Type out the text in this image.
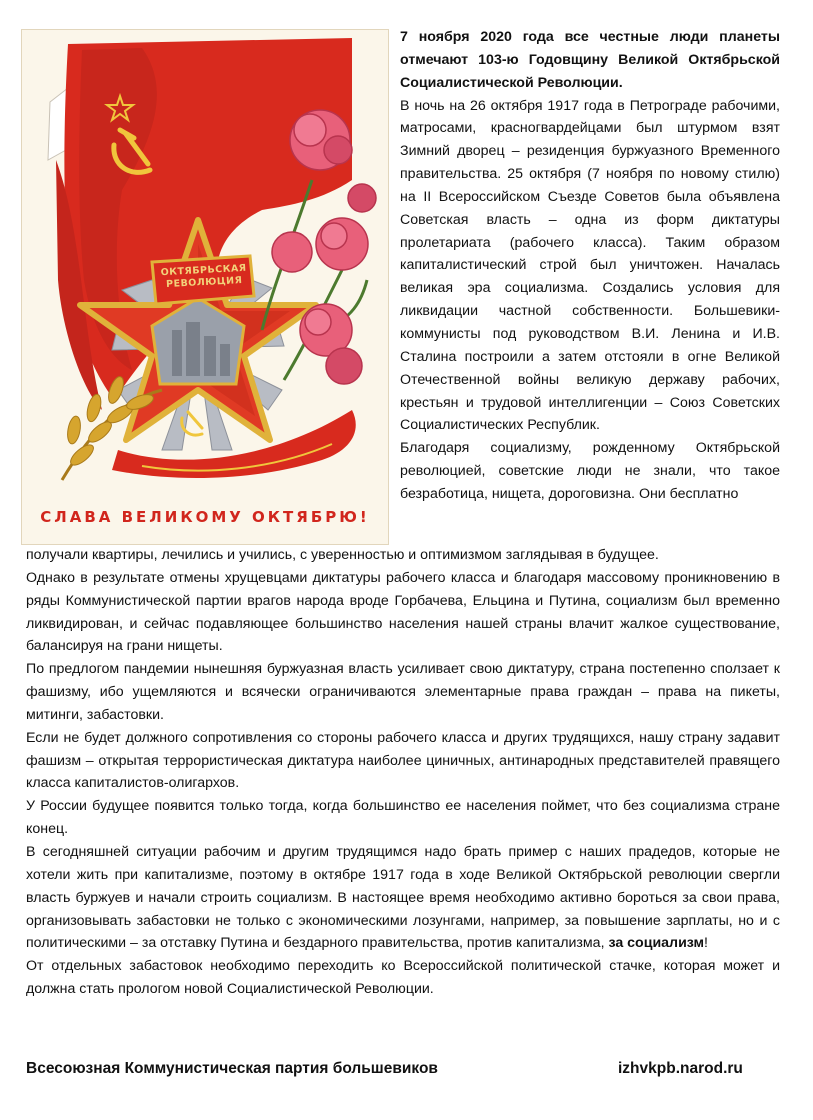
ОКТЯБРЬСКАЯ
РЕВОЛЮЦИЯ
СЛАВА ВЕЛИКОМУ ОКТЯБРЮ!

7 ноября 2020 года все честные люди планеты отмечают 103-ю Годовщину Великой Октябрьской Социалистической Революции.

В ночь на 26 октября 1917 года в Петрограде рабочими, матросами, красногвардейцами был штурмом взят Зимний дворец – резиденция буржуазного Временного правительства. 25 октября (7 ноября по новому стилю) на II Всероссийском Съезде Советов была объявлена Советская власть – одна из форм диктатуры пролетариата (рабочего класса). Таким образом капиталистический строй был уничтожен. Началась великая эра социализма. Создались условия для ликвидации частной собственности. Большевики-коммунисты под руководством В.И. Ленина и И.В. Сталина построили а затем отстояли в огне Великой Отечественной войны великую державу рабочих, крестьян и трудовой интеллигенции – Союз Советских Социалистических Республик.

Благодаря социализму, рожденному Октябрьской революцией, советские люди не знали, что такое безработица, нищета, дороговизна. Они бесплатно

получали квартиры, лечились и учились, с уверенностью и оптимизмом заглядывая в будущее.

Однако в результате отмены хрущевцами диктатуры рабочего класса и благодаря массовому проникновению в ряды Коммунистической партии врагов народа вроде Горбачева, Ельцина и Путина, социализм был временно ликвидирован, и сейчас подавляющее большинство населения нашей страны влачит жалкое существование, балансируя на грани нищеты.

По предлогом пандемии нынешняя буржуазная власть усиливает свою диктатуру, страна постепенно сползает к фашизму, ибо ущемляются и всячески ограничиваются элементарные права граждан – права на пикеты, митинги, забастовки.

Если не будет должного сопротивления со стороны рабочего класса и других трудящихся, нашу страну задавит фашизм – открытая террористическая диктатура наиболее циничных, антинародных представителей правящего класса капиталистов-олигархов.

У России будущее появится только тогда, когда большинство ее населения поймет, что без социализма стране конец.

В сегодняшней ситуации рабочим и другим трудящимся надо брать пример с наших прадедов, которые не хотели жить при капитализме, поэтому в октябре 1917 года в ходе Великой Октябрьской революции свергли власть буржуев и начали строить социализм. В настоящее время необходимо активно бороться за свои права, организовывать забастовки не только с экономическими лозунгами, например, за повышение зарплаты, но и с политическими – за отставку Путина и бездарного правительства, против капитализма, за социализм!

От отдельных забастовок необходимо переходить ко Всероссийской политической стачке, которая может и должна стать прологом новой Социалистической Революции.

Всесоюзная Коммунистическая партия большевиков	izhvkpb.narod.ru
